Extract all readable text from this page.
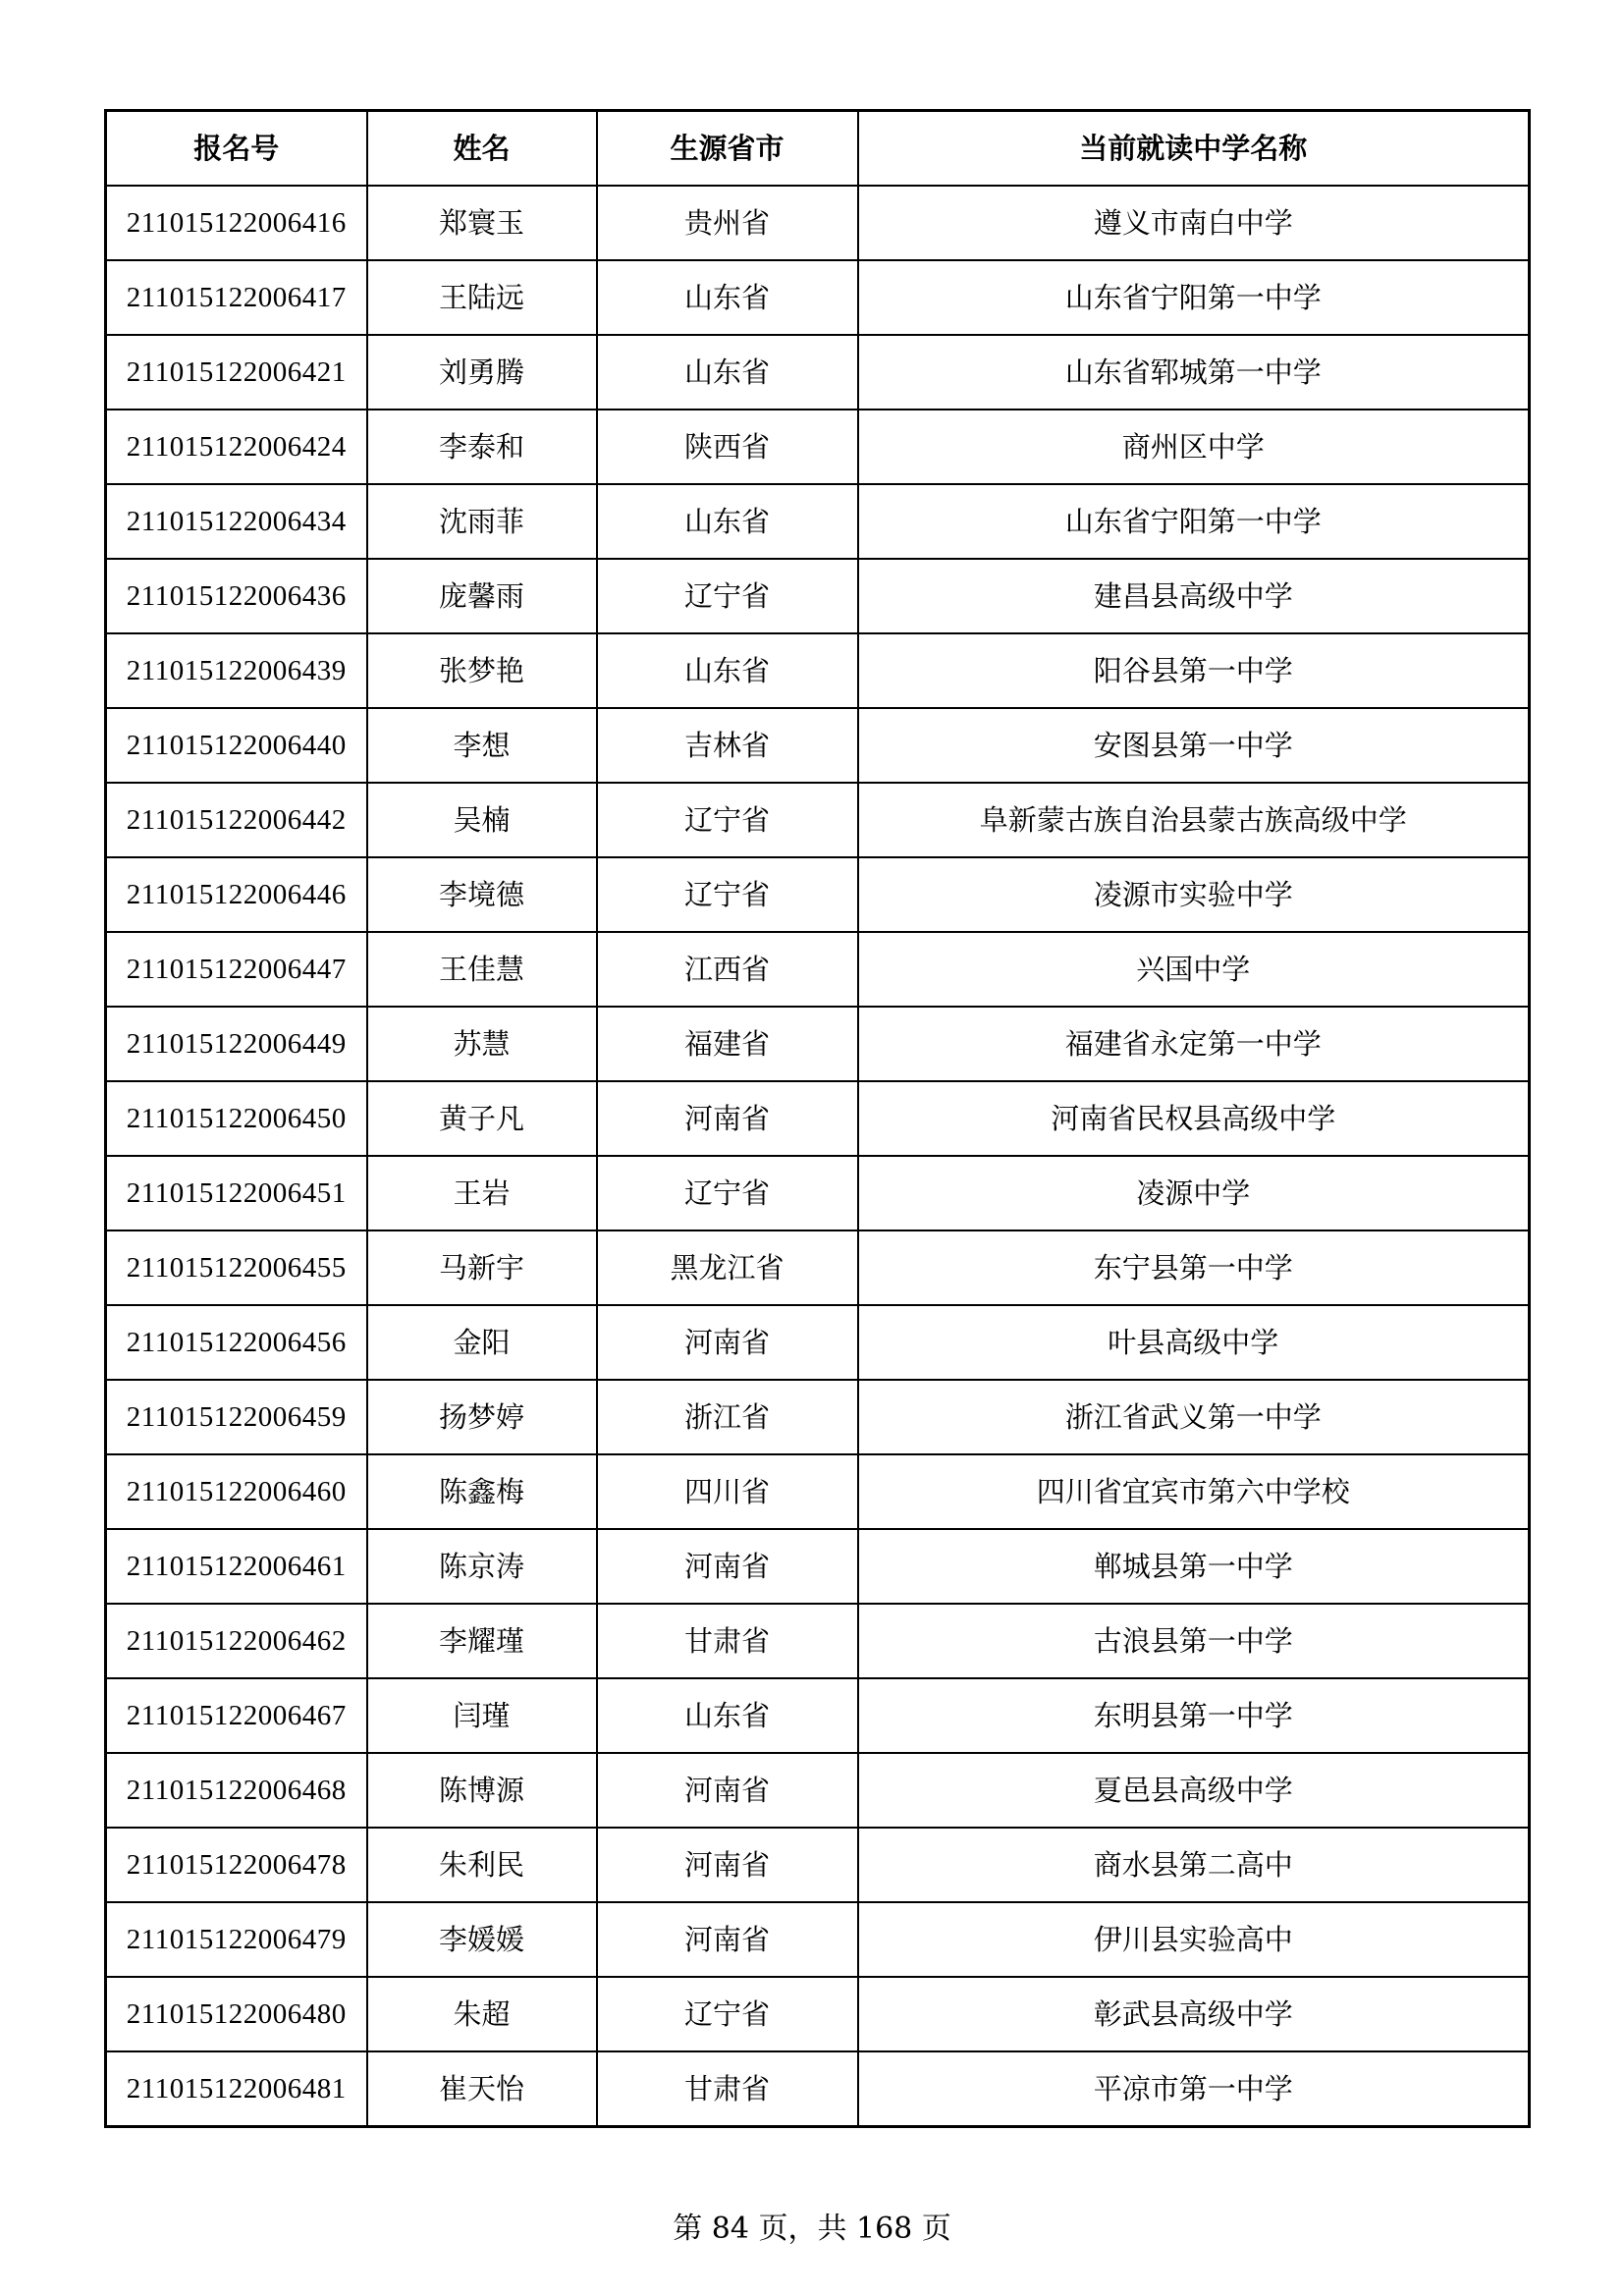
报名号	姓名	生源省市	当前就读中学名称
211015122006416	郑寰玉	贵州省	遵义市南白中学
211015122006417	王陆远	山东省	山东省宁阳第一中学
211015122006421	刘勇腾	山东省	山东省郓城第一中学
211015122006424	李泰和	陕西省	商州区中学
211015122006434	沈雨菲	山东省	山东省宁阳第一中学
211015122006436	庞馨雨	辽宁省	建昌县高级中学
211015122006439	张梦艳	山东省	阳谷县第一中学
211015122006440	李想	吉林省	安图县第一中学
211015122006442	吴楠	辽宁省	阜新蒙古族自治县蒙古族高级中学
211015122006446	李境德	辽宁省	凌源市实验中学
211015122006447	王佳慧	江西省	兴国中学
211015122006449	苏慧	福建省	福建省永定第一中学
211015122006450	黄子凡	河南省	河南省民权县高级中学
211015122006451	王岩	辽宁省	凌源中学
211015122006455	马新宇	黑龙江省	东宁县第一中学
211015122006456	金阳	河南省	叶县高级中学
211015122006459	扬梦婷	浙江省	浙江省武义第一中学
211015122006460	陈鑫梅	四川省	四川省宜宾市第六中学校
211015122006461	陈京涛	河南省	郸城县第一中学
211015122006462	李耀瑾	甘肃省	古浪县第一中学
211015122006467	闫瑾	山东省	东明县第一中学
211015122006468	陈博源	河南省	夏邑县高级中学
211015122006478	朱利民	河南省	商水县第二高中
211015122006479	李媛媛	河南省	伊川县实验高中
211015122006480	朱超	辽宁省	彰武县高级中学
211015122006481	崔天怡	甘肃省	平凉市第一中学
第 84 页，共 168 页
